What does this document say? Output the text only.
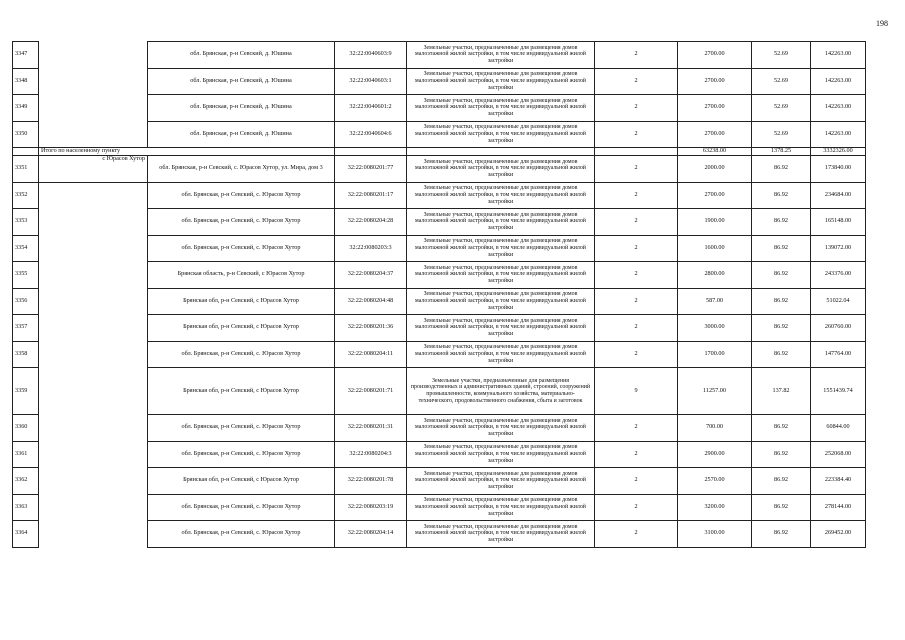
198
3347		обл. Брянская, р-н Севский, д. Юшина	32:22:0040603:9	Земельные участки, предназначенные для размещения домов малоэтажной жилой застройки, в том числе индивидуальной жилой застройки	2	2700.00	52.69	142263.00
3348		обл. Брянская, р-н Севский, д. Юшина	32:22:0040603:1	Земельные участки, предназначенные для размещения домов малоэтажной жилой застройки, в том числе индивидуальной жилой застройки	2	2700.00	52.69	142263.00
3349		обл. Брянская, р-н Севский, д. Юшина	32:22:0040601:2	Земельные участки, предназначенные для размещения домов малоэтажной жилой застройки, в том числе индивидуальной жилой застройки	2	2700.00	52.69	142263.00
3350		обл. Брянская, р-н Севский, д. Юшина	32:22:0040604:6	Земельные участки, предназначенные для размещения домов малоэтажной жилой застройки, в том числе индивидуальной жилой застройки	2	2700.00	52.69	142263.00
	Итого по населенному пункту					63238.00	1378.25	3332326.00
3351	с Юрасов Хутор	обл. Брянская, р-н Севский, с. Юрасов Хутор, ул. Мира, дом 3	32:22:0080201:77	Земельные участки, предназначенные для размещения домов малоэтажной жилой застройки, в том числе индивидуальной жилой застройки	2	2000.00	86.92	173840.00
3352		обл. Брянская, р-н Севский, с. Юрасов Хутор	32:22:0080201:17	Земельные участки, предназначенные для размещения домов малоэтажной жилой застройки, в том числе индивидуальной жилой застройки	2	2700.00	86.92	234684.00
3353		обл. Брянская, р-н Севский, с. Юрасов Хутор	32:22:0080204:28	Земельные участки, предназначенные для размещения домов малоэтажной жилой застройки, в том числе индивидуальной жилой застройки	2	1900.00	86.92	165148.00
3354		обл. Брянская, р-н Севский, с. Юрасов Хутор	32:22:0080203:3	Земельные участки, предназначенные для размещения домов малоэтажной жилой застройки, в том числе индивидуальной жилой застройки	2	1600.00	86.92	139072.00
3355		Брянская область, р-н Севский, с Юрасов Хутор	32:22:0080204:37	Земельные участки, предназначенные для размещения домов малоэтажной жилой застройки, в том числе индивидуальной жилой застройки	2	2800.00	86.92	243376.00
3356		Брянская обл, р-н Севский, с Юрасов Хутор	32:22:0080204:48	Земельные участки, предназначенные для размещения домов малоэтажной жилой застройки, в том числе индивидуальной жилой застройки	2	587.00	86.92	51022.04
3357		Брянская обл, р-н Севский, с Юрасов Хутор	32:22:0080201:36	Земельные участки, предназначенные для размещения домов малоэтажной жилой застройки, в том числе индивидуальной жилой застройки	2	3000.00	86.92	260760.00
3358		обл. Брянская, р-н Севский, с. Юрасов Хутор	32:22:0080204:11	Земельные участки, предназначенные для размещения домов малоэтажной жилой застройки, в том числе индивидуальной жилой застройки	2	1700.00	86.92	147764.00
3359		Брянская обл, р-н Севский, с Юрасов Хутор	32:22:0080201:71	Земельные участки, предназначенные для размещения производственных и административных зданий, строений, сооружений промышленности, коммунального хозяйства, материально-технического, продовольственного снабжения, сбыта и заготовок	9	11257.00	137.82	1551439.74
3360		обл. Брянская, р-н Севский, с. Юрасов Хутор	32:22:0080201:31	Земельные участки, предназначенные для размещения домов малоэтажной жилой застройки, в том числе индивидуальной жилой застройки	2	700.00	86.92	60844.00
3361		обл. Брянская, р-н Севский, с. Юрасов Хутор	32:22:0080204:3	Земельные участки, предназначенные для размещения домов малоэтажной жилой застройки, в том числе индивидуальной жилой застройки	2	2900.00	86.92	252068.00
3362		Брянская обл, р-н Севский, с Юрасов Хутор	32:22:0080201:78	Земельные участки, предназначенные для размещения домов малоэтажной жилой застройки, в том числе индивидуальной жилой застройки	2	2570.00	86.92	223384.40
3363		обл. Брянская, р-н Севский, с. Юрасов Хутор	32:22:0080203:19	Земельные участки, предназначенные для размещения домов малоэтажной жилой застройки, в том числе индивидуальной жилой застройки	2	3200.00	86.92	278144.00
3364		обл. Брянская, р-н Севский, с. Юрасов Хутор	32:22:0080204:14	Земельные участки, предназначенные для размещения домов малоэтажной жилой застройки, в том числе индивидуальной жилой застройки	2	3100.00	86.92	269452.00
